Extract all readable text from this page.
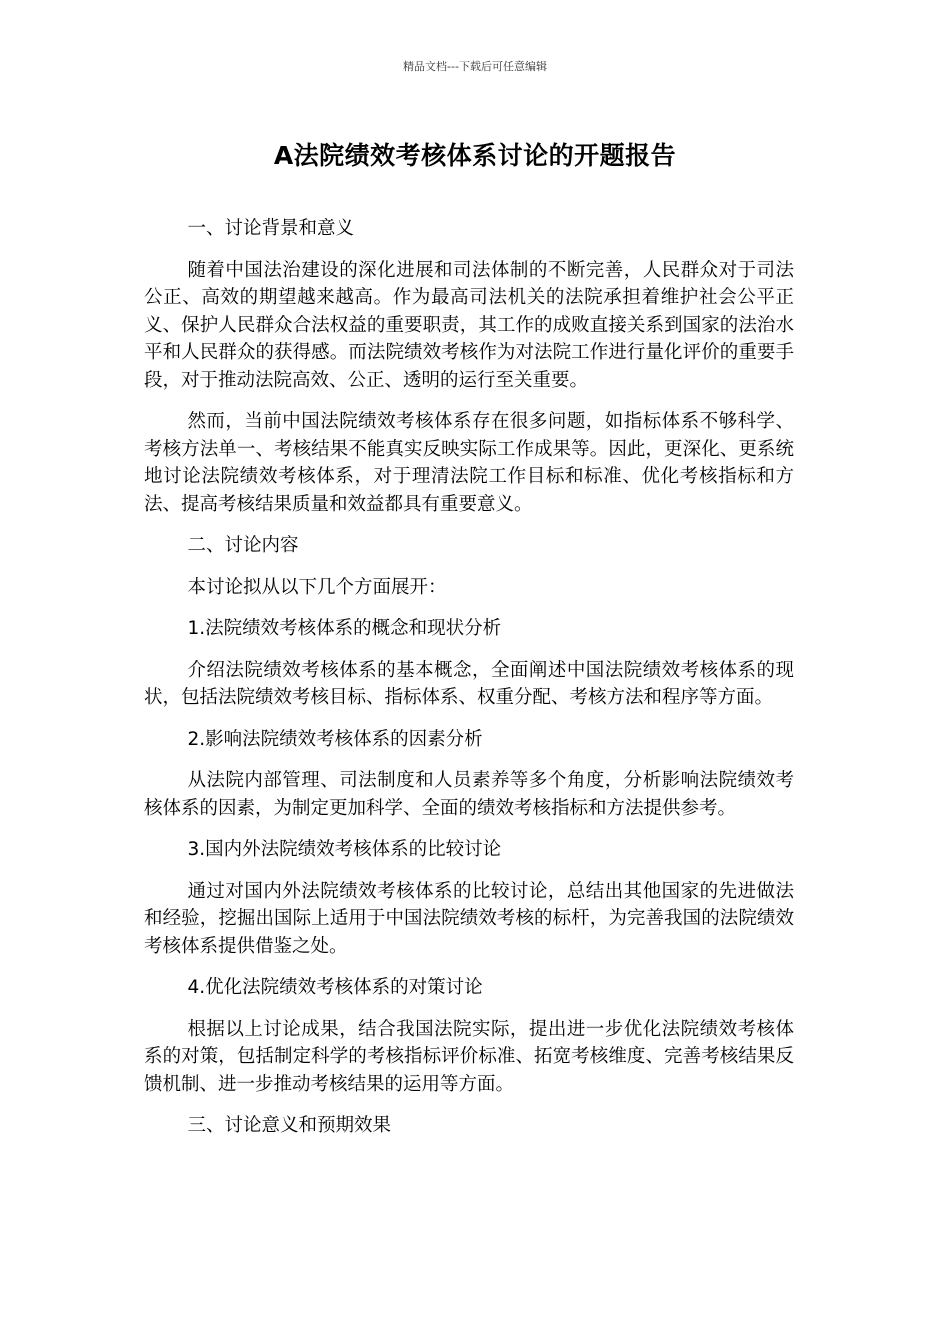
精品文档---下载后可任意编辑
A法院绩效考核体系讨论的开题报告

一、讨论背景和意义

随着中国法治建设的深化进展和司法体制的不断完善，人民群众对于司法公正、高效的期望越来越高。作为最高司法机关的法院承担着维护社会公平正义、保护人民群众合法权益的重要职责，其工作的成败直接关系到国家的法治水平和人民群众的获得感。而法院绩效考核作为对法院工作进行量化评价的重要手段，对于推动法院高效、公正、透明的运行至关重要。

然而，当前中国法院绩效考核体系存在很多问题，如指标体系不够科学、考核方法单一、考核结果不能真实反映实际工作成果等。因此，更深化、更系统地讨论法院绩效考核体系，对于理清法院工作目标和标准、优化考核指标和方法、提高考核结果质量和效益都具有重要意义。

二、讨论内容

本讨论拟从以下几个方面展开：

1.法院绩效考核体系的概念和现状分析

介绍法院绩效考核体系的基本概念，全面阐述中国法院绩效考核体系的现状，包括法院绩效考核目标、指标体系、权重分配、考核方法和程序等方面。

2.影响法院绩效考核体系的因素分析

从法院内部管理、司法制度和人员素养等多个角度，分析影响法院绩效考核体系的因素，为制定更加科学、全面的绩效考核指标和方法提供参考。

3.国内外法院绩效考核体系的比较讨论

通过对国内外法院绩效考核体系的比较讨论，总结出其他国家的先进做法和经验，挖掘出国际上适用于中国法院绩效考核的标杆，为完善我国的法院绩效考核体系提供借鉴之处。

4.优化法院绩效考核体系的对策讨论

根据以上讨论成果，结合我国法院实际，提出进一步优化法院绩效考核体系的对策，包括制定科学的考核指标评价标准、拓宽考核维度、完善考核结果反馈机制、进一步推动考核结果的运用等方面。

三、讨论意义和预期效果
